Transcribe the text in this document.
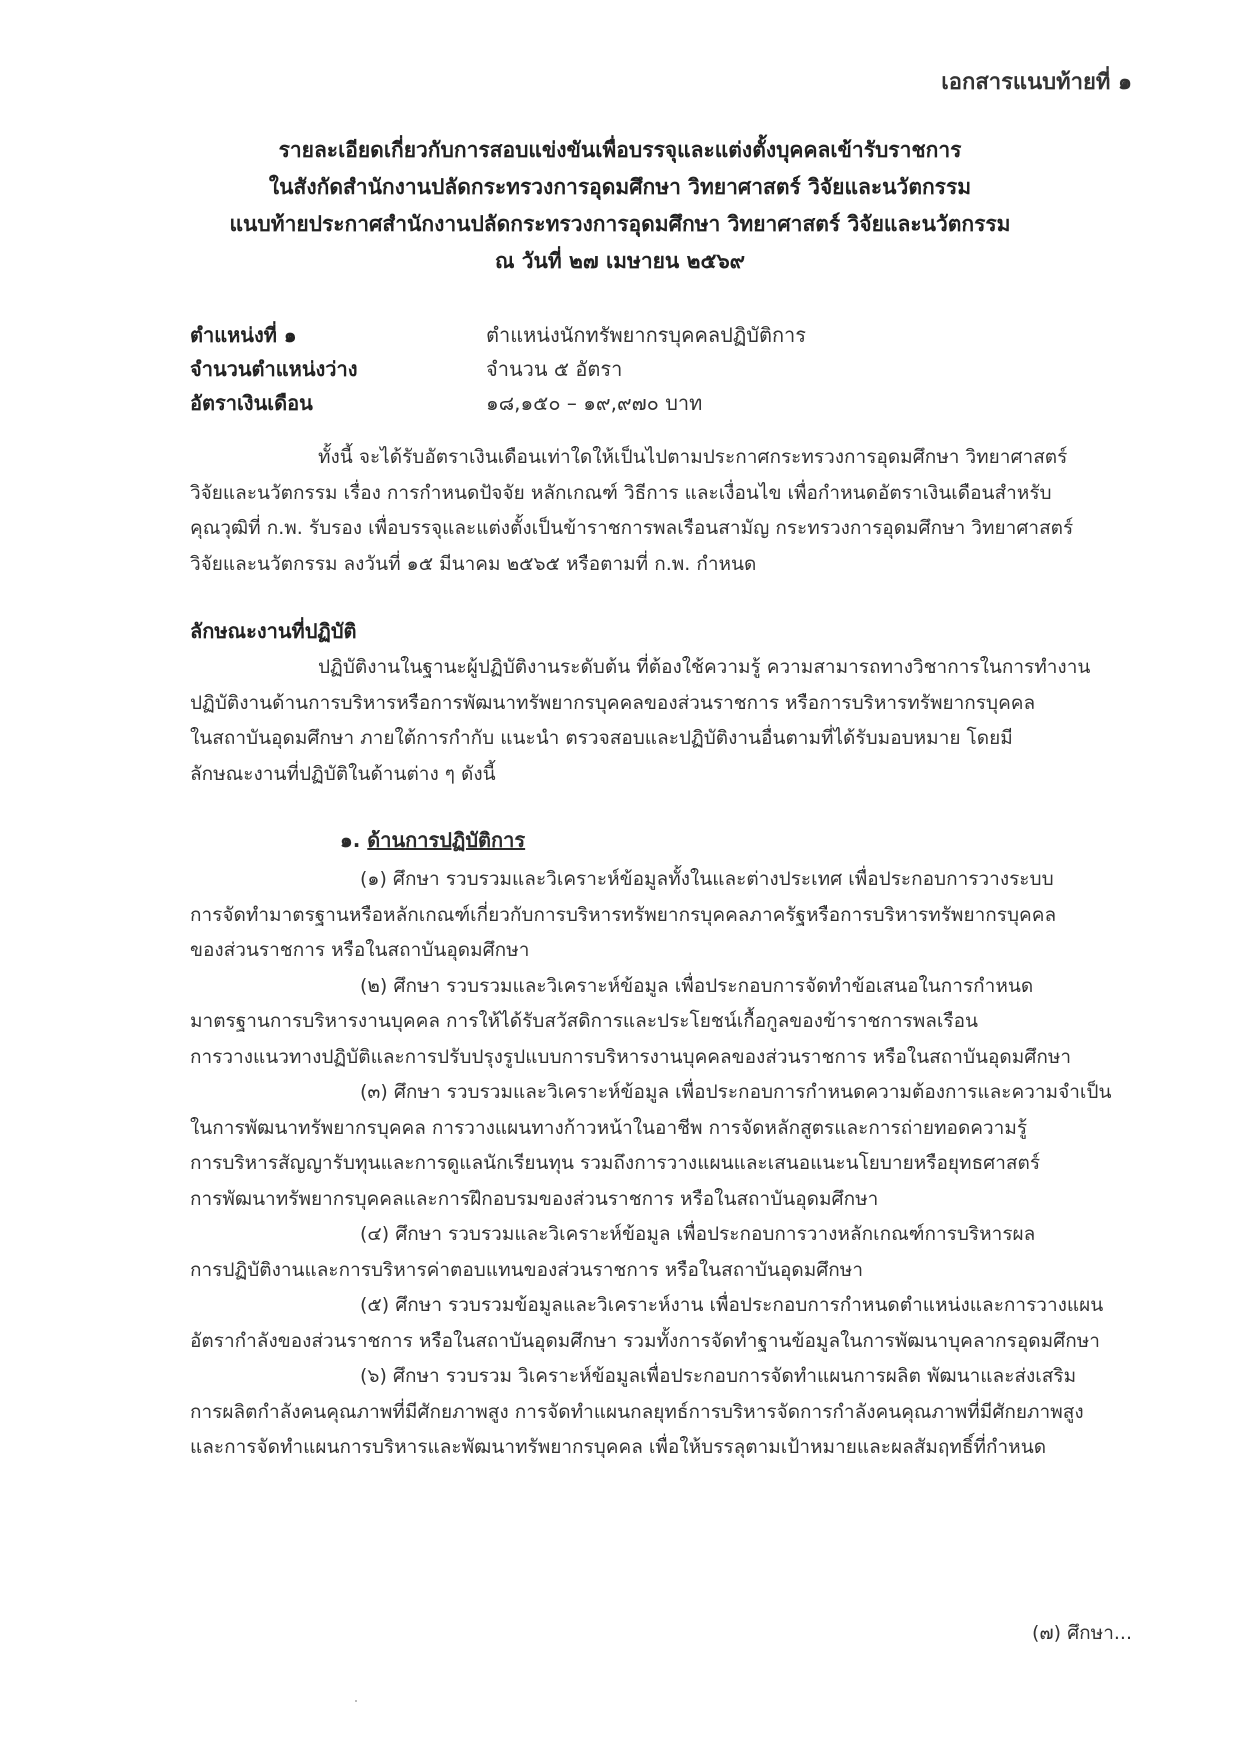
เอกสารแนบท้ายที่ ๑
รายละเอียดเกี่ยวกับการสอบแข่งขันเพื่อบรรจุและแต่งตั้งบุคคลเข้ารับราชการ
ในสังกัดสำนักงานปลัดกระทรวงการอุดมศึกษา วิทยาศาสตร์ วิจัยและนวัตกรรม
แนบท้ายประกาศสำนักงานปลัดกระทรวงการอุดมศึกษา วิทยาศาสตร์ วิจัยและนวัตกรรม
ณ วันที่ ๒๗ เมษายน ๒๕๖๙
ตำแหน่งที่ ๑	ตำแหน่งนักทรัพยากรบุคคลปฏิบัติการ
จำนวนตำแหน่งว่าง	จำนวน ๕ อัตรา
อัตราเงินเดือน	๑๘,๑๕๐ – ๑๙,๙๗๐ บาท
ทั้งนี้ จะได้รับอัตราเงินเดือนเท่าใดให้เป็นไปตามประกาศกระทรวงการอุดมศึกษา วิทยาศาสตร์
วิจัยและนวัตกรรม เรื่อง การกำหนดปัจจัย หลักเกณฑ์ วิธีการ และเงื่อนไข เพื่อกำหนดอัตราเงินเดือนสำหรับ
คุณวุฒิที่ ก.พ. รับรอง เพื่อบรรจุและแต่งตั้งเป็นข้าราชการพลเรือนสามัญ กระทรวงการอุดมศึกษา วิทยาศาสตร์
วิจัยและนวัตกรรม ลงวันที่ ๑๕ มีนาคม ๒๕๖๕ หรือตามที่ ก.พ. กำหนด
ลักษณะงานที่ปฏิบัติ
ปฏิบัติงานในฐานะผู้ปฏิบัติงานระดับต้น ที่ต้องใช้ความรู้ ความสามารถทางวิชาการในการทำงาน
ปฏิบัติงานด้านการบริหารหรือการพัฒนาทรัพยากรบุคคลของส่วนราชการ หรือการบริหารทรัพยากรบุคคล
ในสถาบันอุดมศึกษา ภายใต้การกำกับ แนะนำ ตรวจสอบและปฏิบัติงานอื่นตามที่ได้รับมอบหมาย โดยมี
ลักษณะงานที่ปฏิบัติในด้านต่าง ๆ ดังนี้
๑. ด้านการปฏิบัติการ
(๑) ศึกษา รวบรวมและวิเคราะห์ข้อมูลทั้งในและต่างประเทศ เพื่อประกอบการวางระบบ
การจัดทำมาตรฐานหรือหลักเกณฑ์เกี่ยวกับการบริหารทรัพยากรบุคคลภาครัฐหรือการบริหารทรัพยากรบุคคล
ของส่วนราชการ หรือในสถาบันอุดมศึกษา
(๒) ศึกษา รวบรวมและวิเคราะห์ข้อมูล เพื่อประกอบการจัดทำข้อเสนอในการกำหนด
มาตรฐานการบริหารงานบุคคล การให้ได้รับสวัสดิการและประโยชน์เกื้อกูลของข้าราชการพลเรือน
การวางแนวทางปฏิบัติและการปรับปรุงรูปแบบการบริหารงานบุคคลของส่วนราชการ หรือในสถาบันอุดมศึกษา
(๓) ศึกษา รวบรวมและวิเคราะห์ข้อมูล เพื่อประกอบการกำหนดความต้องการและความจำเป็น
ในการพัฒนาทรัพยากรบุคคล การวางแผนทางก้าวหน้าในอาชีพ การจัดหลักสูตรและการถ่ายทอดความรู้
การบริหารสัญญารับทุนและการดูแลนักเรียนทุน รวมถึงการวางแผนและเสนอแนะนโยบายหรือยุทธศาสตร์
การพัฒนาทรัพยากรบุคคลและการฝึกอบรมของส่วนราชการ หรือในสถาบันอุดมศึกษา
(๔) ศึกษา รวบรวมและวิเคราะห์ข้อมูล เพื่อประกอบการวางหลักเกณฑ์การบริหารผล
การปฏิบัติงานและการบริหารค่าตอบแทนของส่วนราชการ หรือในสถาบันอุดมศึกษา
(๕) ศึกษา รวบรวมข้อมูลและวิเคราะห์งาน เพื่อประกอบการกำหนดตำแหน่งและการวางแผน
อัตรากำลังของส่วนราชการ หรือในสถาบันอุดมศึกษา รวมทั้งการจัดทำฐานข้อมูลในการพัฒนาบุคลากรอุดมศึกษา
(๖) ศึกษา รวบรวม วิเคราะห์ข้อมูลเพื่อประกอบการจัดทำแผนการผลิต พัฒนาและส่งเสริม
การผลิตกำลังคนคุณภาพที่มีศักยภาพสูง การจัดทำแผนกลยุทธ์การบริหารจัดการกำลังคนคุณภาพที่มีศักยภาพสูง
และการจัดทำแผนการบริหารและพัฒนาทรัพยากรบุคคล เพื่อให้บรรลุตามเป้าหมายและผลสัมฤทธิ์ที่กำหนด
(๗) ศึกษา...
